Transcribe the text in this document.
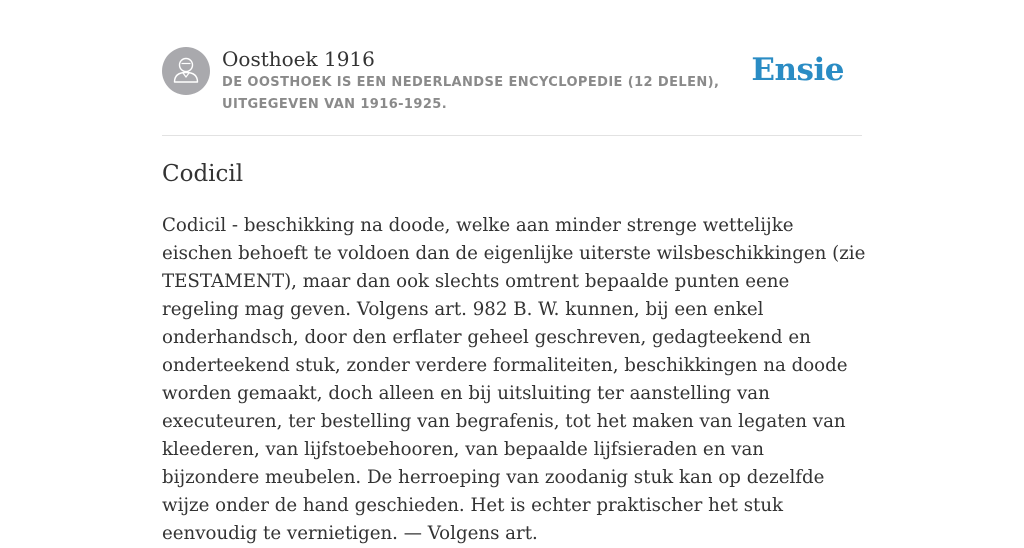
Oosthoek 1916
DE OOSTHOEK IS EEN NEDERLANDSE ENCYCLOPEDIE (12 DELEN), UITGEGEVEN VAN 1916-1925.
Ensie
Codicil

Codicil - beschikking na doode, welke aan minder strenge wettelijke eischen behoeft te voldoen dan de eigenlijke uiterste wilsbeschikkingen (zie TESTAMENT), maar dan ook slechts omtrent bepaalde punten eene regeling mag geven. Volgens art. 982 B. W. kunnen, bij een enkel onderhandsch, door den erflater geheel geschreven, gedagteekend en onderteekend stuk, zonder verdere formaliteiten, beschikkingen na doode worden gemaakt, doch alleen en bij uitsluiting ter aanstelling van executeuren, ter bestelling van begrafenis, tot het maken van legaten van kleederen, van lijfstoebehooren, van bepaalde lijfsieraden en van bijzondere meubelen. De herroeping van zoodanig stuk kan op dezelfde wijze onder de hand geschieden. Het is echter praktischer het stuk eenvoudig te vernietigen. — Volgens art.
